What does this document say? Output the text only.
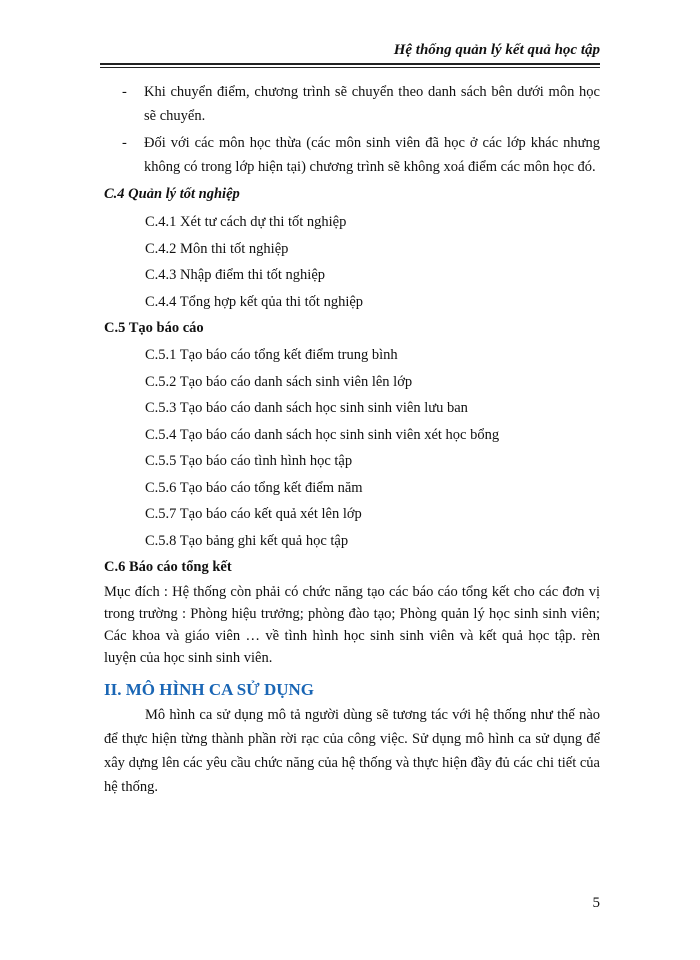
Hệ thống quản lý kết quả học tập
- Khi chuyển điểm, chương trình sẽ chuyển theo danh sách bên dưới môn học sẽ chuyển.
- Đối với các môn học thừa (các môn sinh viên đã học ở các lớp khác nhưng không có trong lớp hiện tại) chương trình sẽ không xoá điểm các môn học đó.
C.4 Quản lý tốt nghiệp
C.4.1 Xét tư cách dự thi tốt nghiệp
C.4.2 Môn thi tốt nghiệp
C.4.3 Nhập điểm thi tốt nghiệp
C.4.4 Tổng hợp kết qủa thi tốt nghiệp
C.5 Tạo báo cáo
C.5.1 Tạo báo cáo tổng kết điểm trung bình
C.5.2 Tạo báo cáo danh sách sinh viên lên lớp
C.5.3 Tạo báo cáo danh sách học sinh sinh viên lưu ban
C.5.4 Tạo báo cáo danh sách học sinh sinh viên xét học bổng
C.5.5 Tạo báo cáo tình hình học tập
C.5.6 Tạo báo cáo tổng kết điểm năm
C.5.7 Tạo báo cáo kết quả xét lên lớp
C.5.8 Tạo bảng ghi kết quả học tập
C.6 Báo cáo tổng kết
Mục đích : Hệ thống còn phải có chức năng tạo các báo cáo tổng kết cho các đơn vị trong trường : Phòng hiệu trưởng; phòng đào tạo; Phòng quản lý học sinh sinh viên; Các khoa và giáo viên … về tình hình học sinh sinh viên và kết quả học tập. rèn luyện của học sinh sinh viên.
II. MÔ HÌNH CA SỬ DỤNG
Mô hình ca sử dụng mô tả người dùng sẽ tương tác với hệ thống như thế nào để thực hiện từng thành phần rời rạc của công việc. Sử dụng mô hình ca sử dụng để xây dựng lên các yêu cầu chức năng của hệ thống và thực hiện đầy đủ các chi tiết của hệ thống.
5
